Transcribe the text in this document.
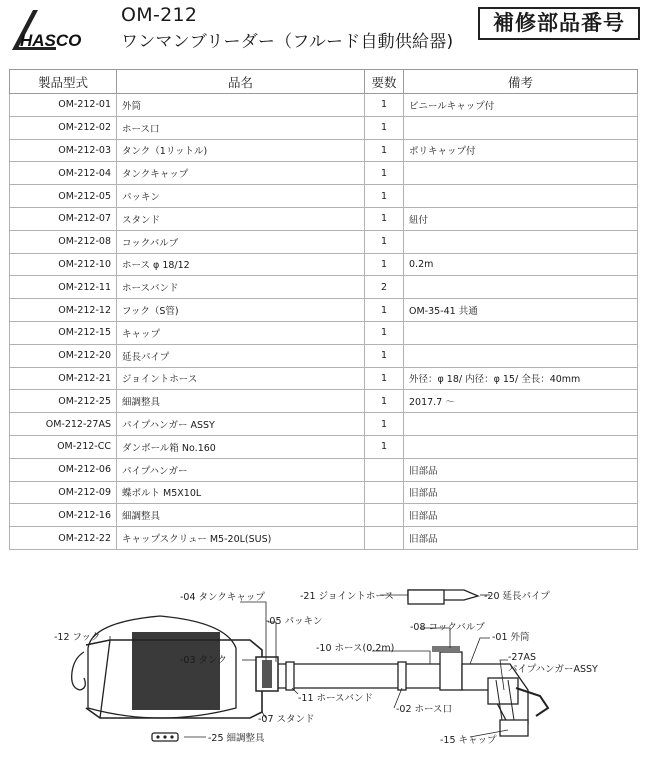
HASCO
OM-212
ワンマンブリーダー（フルード自動供給器)
補修部品番号
製品型式	品名	要数	備考
OM-212-01	外筒	1	ビニールキャップ付
OM-212-02	ホース口	1	
OM-212-03	タンク（1リットル)	1	ポリキャップ付
OM-212-04	タンクキャップ	1	
OM-212-05	パッキン	1	
OM-212-07	スタンド	1	紐付
OM-212-08	コックバルブ	1	
OM-212-10	ホース φ 18/12	1	0.2m
OM-212-11	ホースバンド	2	
OM-212-12	フック（S管)	1	OM-35-41 共通
OM-212-15	キャップ	1	
OM-212-20	延長パイプ	1	
OM-212-21	ジョイントホース	1	外径：φ 18/ 内径：φ 15/ 全長：40mm
OM-212-25	細調整具	1	2017.7 ～
OM-212-27AS	パイプハンガー ASSY	1	
OM-212-CC	ダンボール箱 No.160	1	
OM-212-06	パイプハンガー		旧部品
OM-212-09	蝶ボルト M5X10L		旧部品
OM-212-16	細調整具		旧部品
OM-212-22	キャップスクリュー M5-20L(SUS)		旧部品
-04 タンクキャップ	-21 ジョイントホース	-20 延長パイプ
-05 パッキン
-08 コックバルブ
-12 フック
-10 ホース(0.2m)
-01 外筒
-03 タンク	-27AS
パイプハンガーASSY
-11 ホースバンド
-02 ホース口
-07 スタンド
-25 細調整具	-15 キャップ
